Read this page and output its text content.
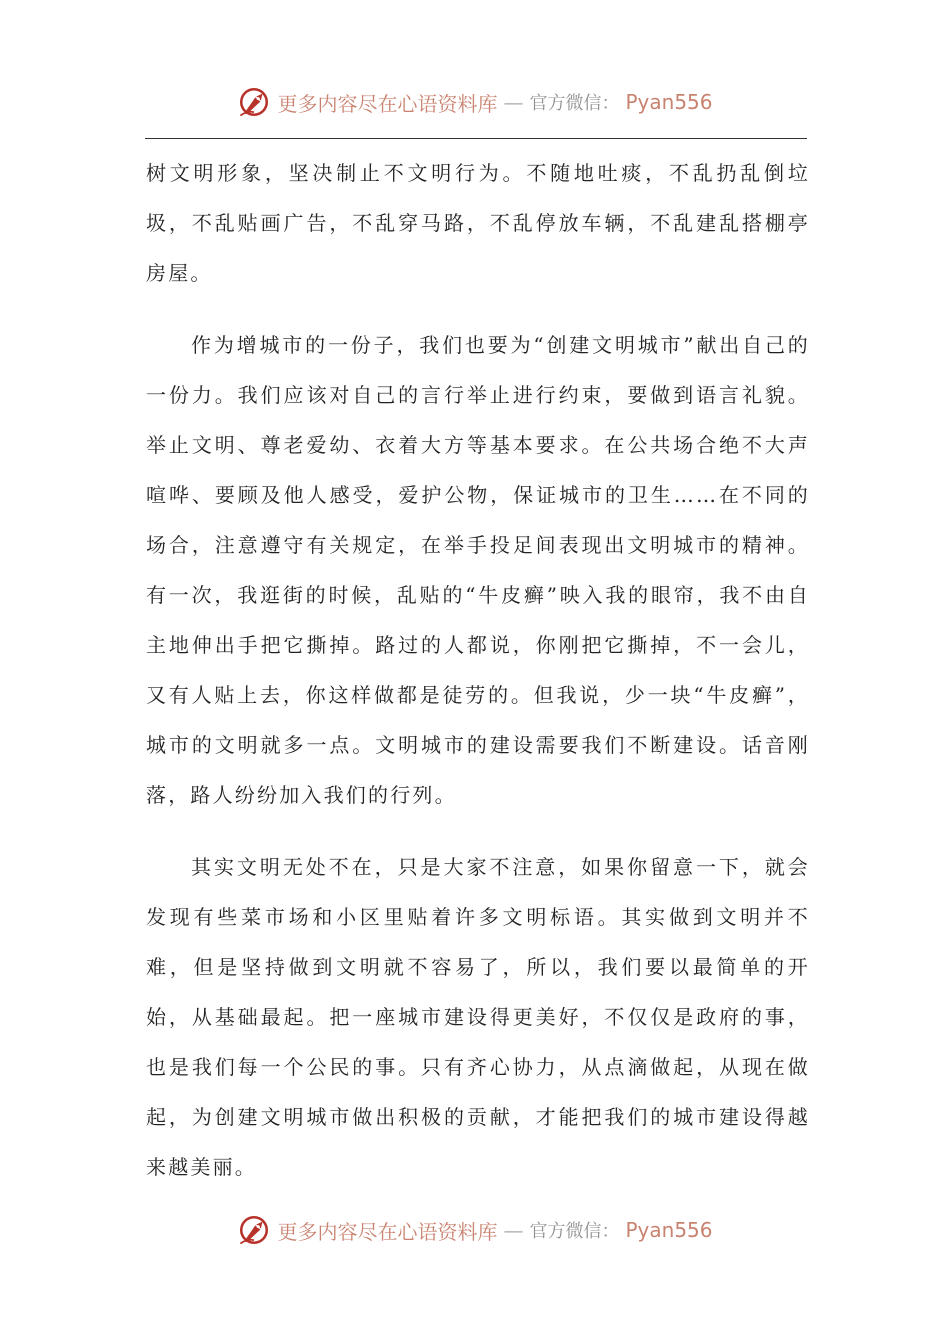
更多内容尽在心语资料库 — 官方微信： Pyan556

树文明形象，坚决制止不文明行为。不随地吐痰，不乱扔乱倒垃圾，不乱贴画广告，不乱穿马路，不乱停放车辆，不乱建乱搭棚亭房屋。

作为增城市的一份子，我们也要为“创建文明城市”献出自己的一份力。我们应该对自己的言行举止进行约束，要做到语言礼貌。举止文明、尊老爱幼、衣着大方等基本要求。在公共场合绝不大声喧哗、要顾及他人感受，爱护公物，保证城市的卫生……在不同的场合，注意遵守有关规定，在举手投足间表现出文明城市的精神。有一次，我逛街的时候，乱贴的“牛皮癣”映入我的眼帘，我不由自主地伸出手把它撕掉。路过的人都说，你刚把它撕掉，不一会儿，又有人贴上去，你这样做都是徒劳的。但我说，少一块“牛皮癣”，城市的文明就多一点。文明城市的建设需要我们不断建设。话音刚落，路人纷纷加入我们的行列。

其实文明无处不在，只是大家不注意，如果你留意一下，就会发现有些菜市场和小区里贴着许多文明标语。其实做到文明并不难，但是坚持做到文明就不容易了，所以，我们要以最简单的开始，从基础最起。把一座城市建设得更美好，不仅仅是政府的事，也是我们每一个公民的事。只有齐心协力，从点滴做起，从现在做起，为创建文明城市做出积极的贡献，才能把我们的城市建设得越来越美丽。

更多内容尽在心语资料库 — 官方微信： Pyan556
